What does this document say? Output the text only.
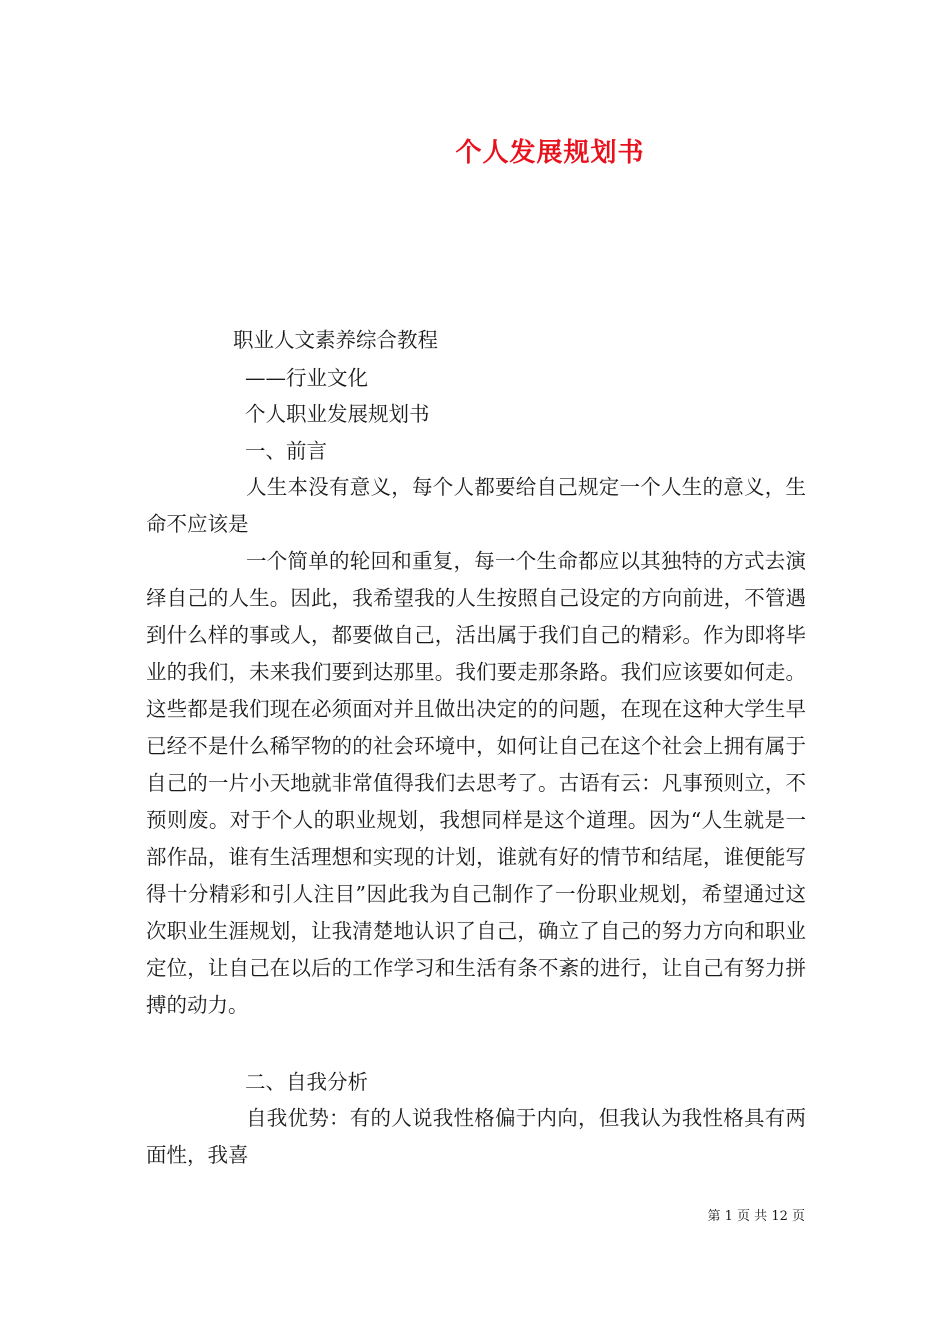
个人发展规划书

职业人文素养综合教程

——行业文化

个人职业发展规划书

一、前言

人生本没有意义，每个人都要给自己规定一个人生的意义，生命不应该是

一个简单的轮回和重复，每一个生命都应以其独特的方式去演绎自己的人生。因此，我希望我的人生按照自己设定的方向前进，不管遇到什么样的事或人，都要做自己，活出属于我们自己的精彩。作为即将毕业的我们，未来我们要到达那里。我们要走那条路。我们应该要如何走。这些都是我们现在必须面对并且做出决定的的问题，在现在这种大学生早已经不是什么稀罕物的的社会环境中，如何让自己在这个社会上拥有属于自己的一片小天地就非常值得我们去思考了。古语有云：凡事预则立，不预则废。对于个人的职业规划，我想同样是这个道理。因为“人生就是一部作品，谁有生活理想和实现的计划，谁就有好的情节和结尾，谁便能写得十分精彩和引人注目”因此我为自己制作了一份职业规划，希望通过这次职业生涯规划，让我清楚地认识了自己，确立了自己的努力方向和职业定位，让自己在以后的工作学习和生活有条不紊的进行，让自己有努力拼搏的动力。

二、自我分析

自我优势：有的人说我性格偏于内向，但我认为我性格具有两面性，我喜

第 1 页 共 12 页
